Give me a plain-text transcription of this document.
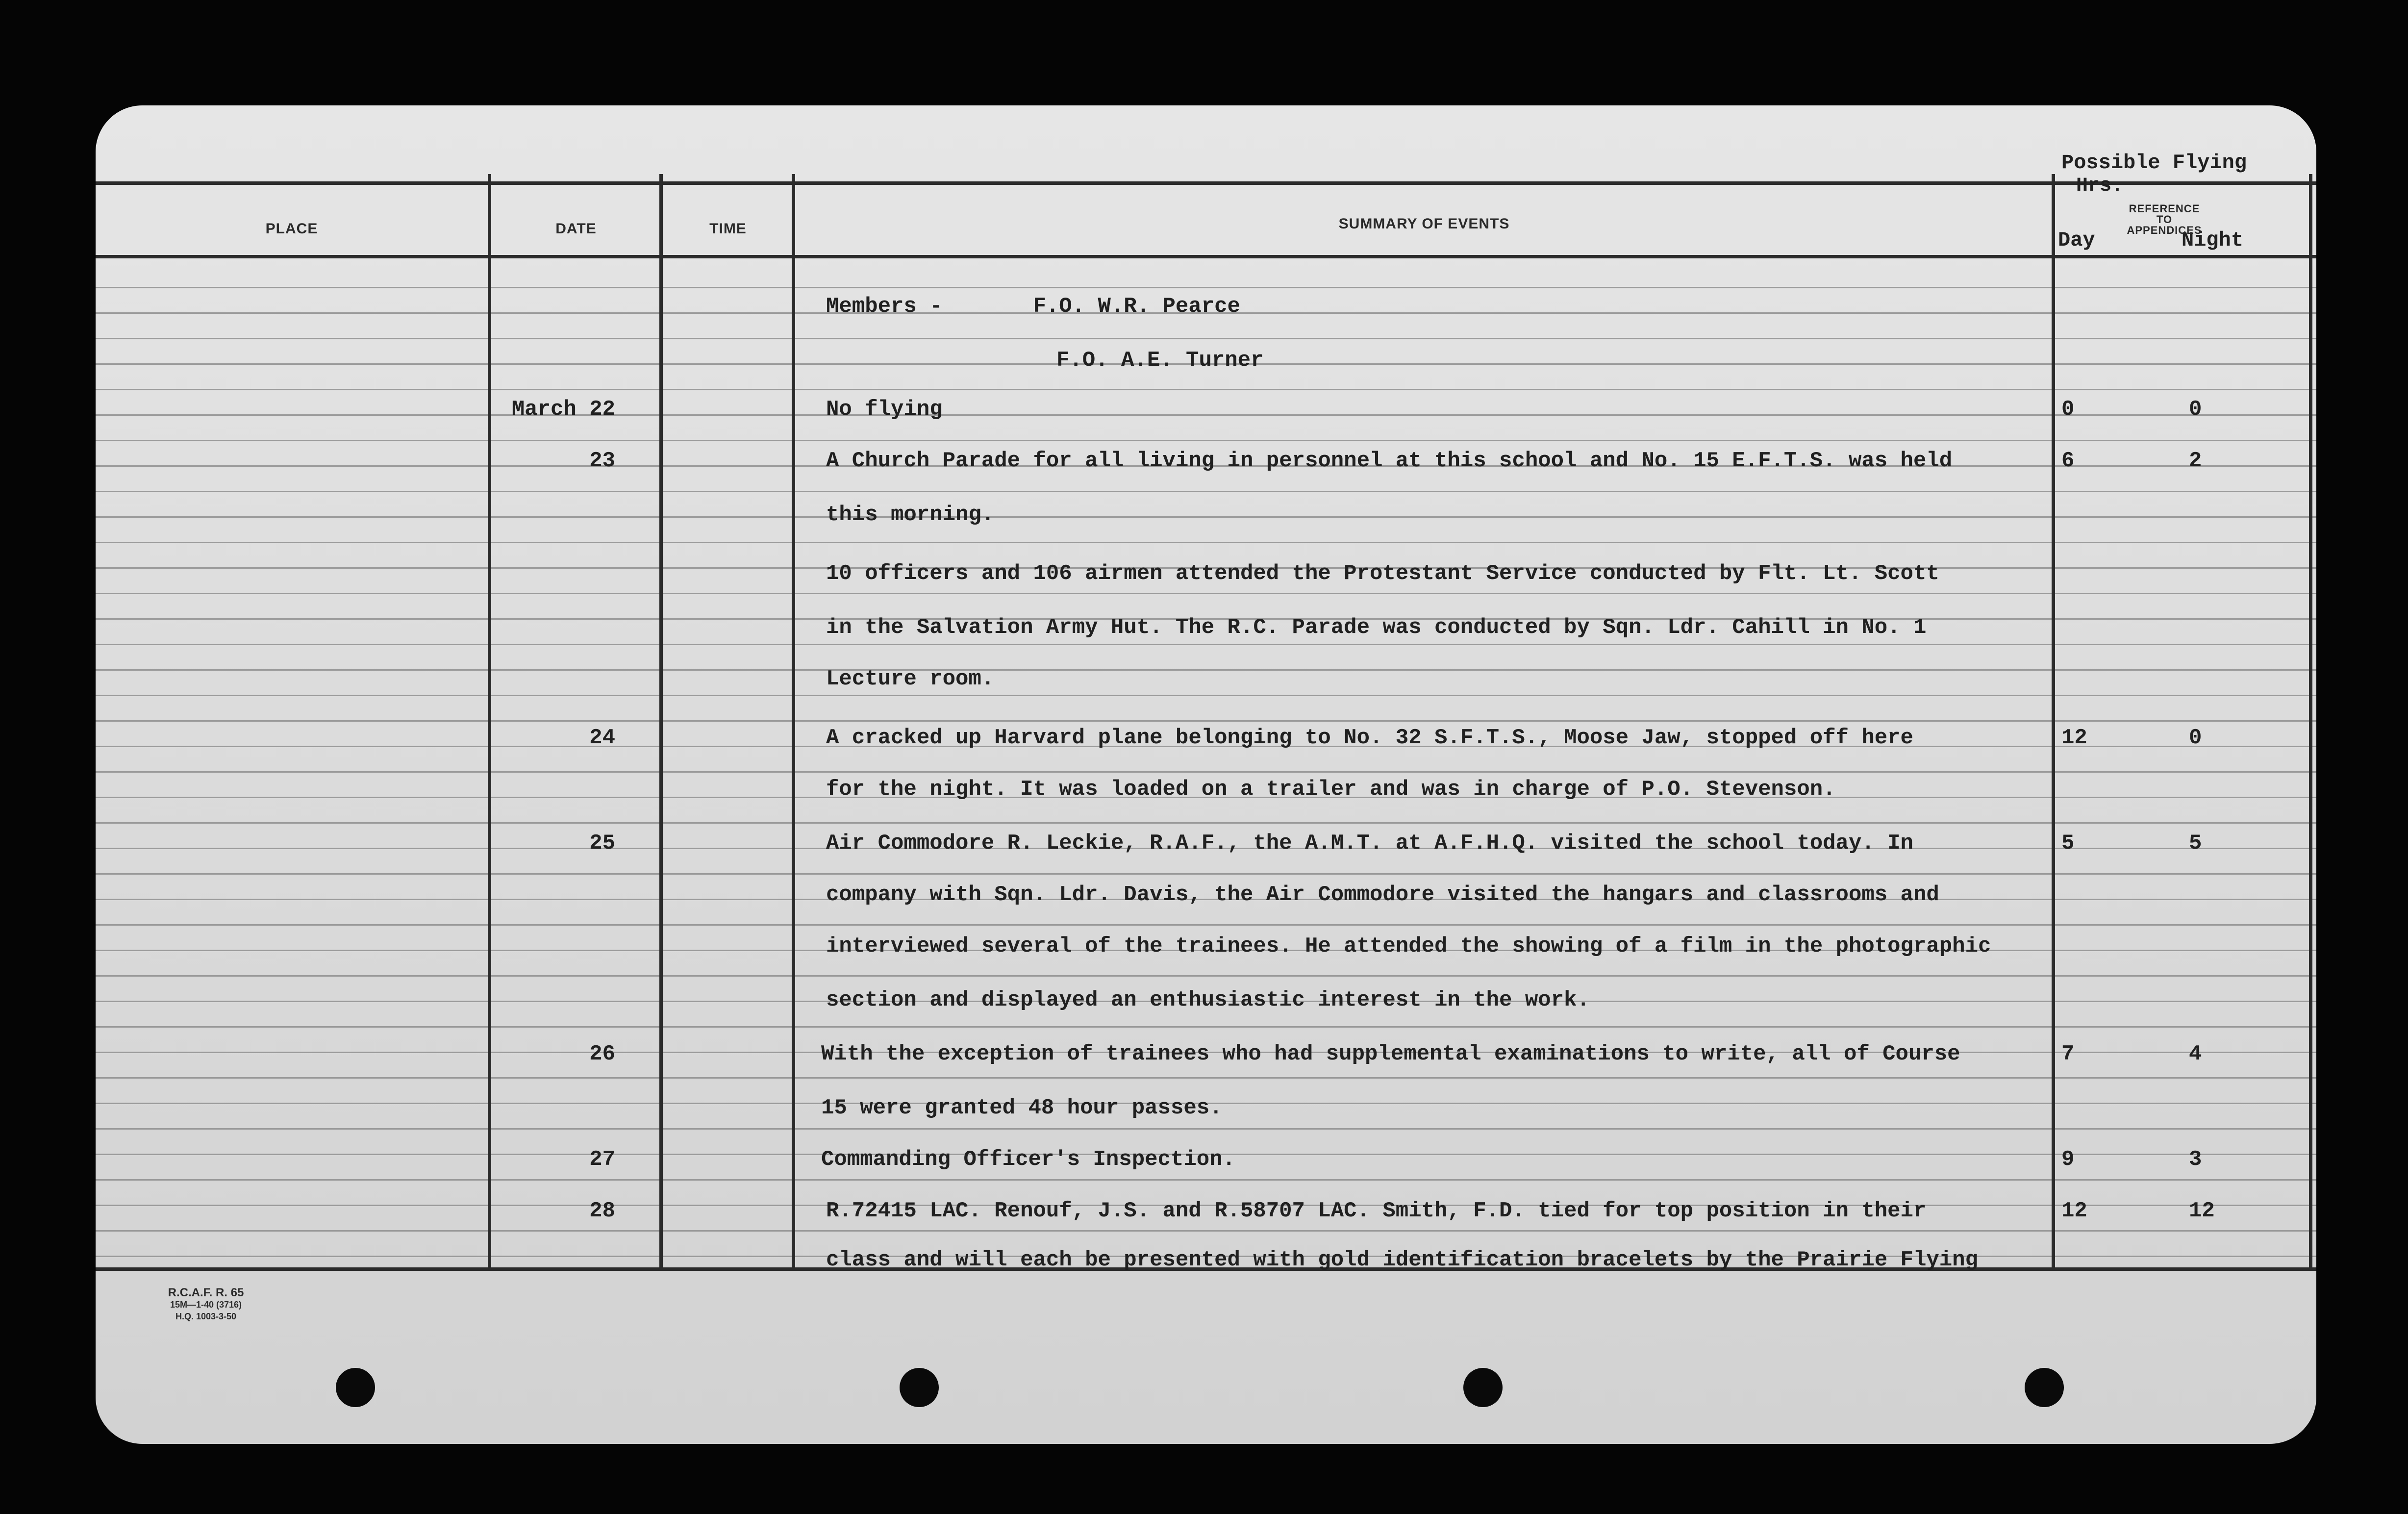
PLACE	DATE	TIME	SUMMARY OF EVENTS
Possible Flying
Hrs.
Day	Night
REFERENCE
TO
APPENDICES
Members -       F.O. W.R. Pearce
F.O. A.E. Turner
March 22	No flying	0	0
23	A Church Parade for all living in personnel at this school and No. 15 E.F.T.S. was held	6	2
this morning.
10 officers and 106 airmen attended the Protestant Service conducted by Flt. Lt. Scott
in the Salvation Army Hut. The R.C. Parade was conducted by Sqn. Ldr. Cahill in No. 1
Lecture room.
24	A cracked up Harvard plane belonging to No. 32 S.F.T.S., Moose Jaw, stopped off here	12	0
for the night. It was loaded on a trailer and was in charge of P.O. Stevenson.
25	Air Commodore R. Leckie, R.A.F., the A.M.T. at A.F.H.Q. visited the school today. In	5	5
company with Sqn. Ldr. Davis, the Air Commodore visited the hangars and classrooms and
interviewed several of the trainees. He attended the showing of a film in the photographic
section and displayed an enthusiastic interest in the work.
26	With the exception of trainees who had supplemental examinations to write, all of Course	7	4
15 were granted 48 hour passes.
27	Commanding Officer's Inspection.	9	3
28	R.72415 LAC. Renouf, J.S. and R.58707 LAC. Smith, F.D. tied for top position in their	12	12
class and will each be presented with gold identification bracelets by the Prairie Flying
R.C.A.F. R. 65
15M—1-40 (3716)
H.Q. 1003-3-50
